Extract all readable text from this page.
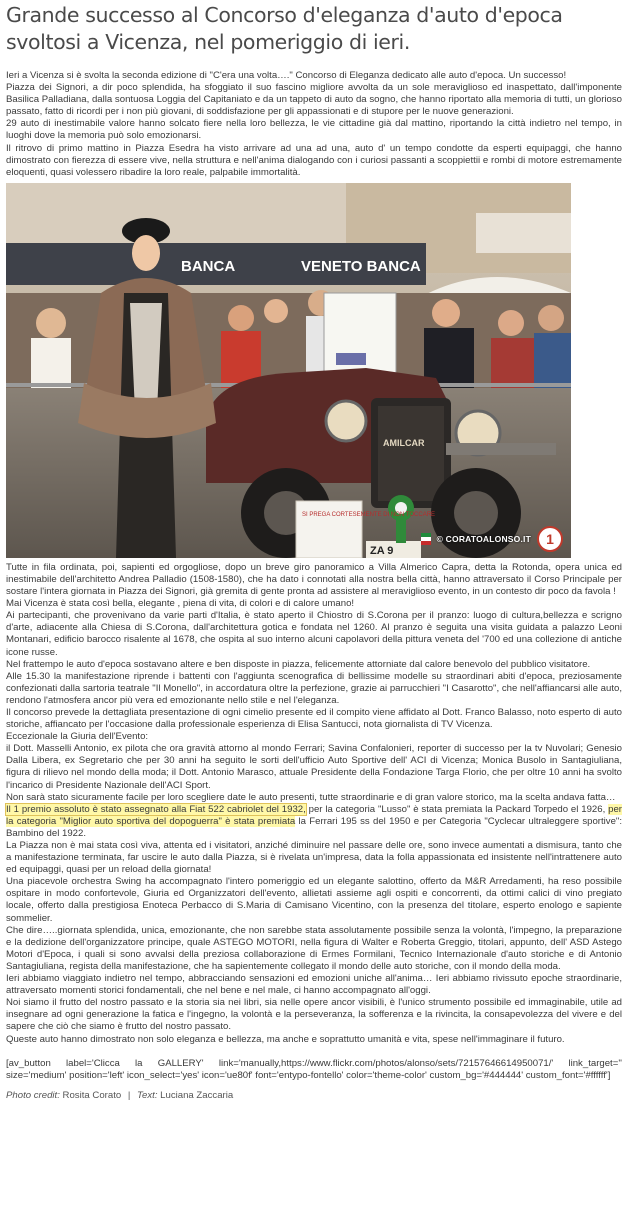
Grande successo al Concorso d'eleganza d'auto d'epoca svoltosi a Vicenza, nel pomeriggio di ieri.

Ieri a Vicenza si è svolta la seconda edizione di "C'era una volta…." Concorso di Eleganza dedicato alle auto d'epoca. Un successo!

Piazza dei Signori, a dir poco splendida, ha sfoggiato il suo fascino migliore avvolta da un sole meraviglioso ed inaspettato, dall'imponente Basilica Palladiana, dalla sontuosa Loggia del Capitaniato e da un tappeto di auto da sogno, che hanno riportato alla memoria di tutti, un glorioso passato, fatto di ricordi per i non più giovani, di soddisfazione per gli appassionati e di stupore per le nuove generazioni.

29 auto di inestimabile valore hanno solcato fiere nella loro bellezza, le vie cittadine già dal mattino, riportando la città indietro nel tempo, in luoghi dove la memoria può solo emozionarsi.

Il ritrovo di primo mattino in Piazza Esedra ha visto arrivare ad una ad una, auto d' un tempo condotte da esperti equipaggi, che hanno dimostrato con fierezza di essere vive, nella struttura e nell'anima dialogando con i curiosi passanti a scoppiettii e rombi di motore estremamente eloquenti, quasi volessero ribadire la loro reale, palpabile immortalità.

BANCA	VENETO BANCA
AMILCAR
ZA 9
SI PREGA CORTESEMENTE DI NON TOCCARE
© CORATOALONSO.IT	1

Tutte in fila ordinata, poi, sapienti ed orgogliose, dopo un breve giro panoramico a Villa Almerico Capra, detta la Rotonda, opera unica ed inestimabile dell'architetto Andrea Palladio (1508-1580), che ha dato i connotati alla nostra bella città, hanno attraversato il Corso Principale per sostare l'intera giornata in Piazza dei Signori, già gremita di gente pronta ad assistere al meraviglioso evento, in un contesto dir poco da favola !

Mai Vicenza è stata così bella, elegante , piena di vita, di colori e di calore umano!

Ai partecipanti, che provenivano da varie parti d'Italia, è stato aperto il Chiostro di S.Corona per il pranzo: luogo di cultura,bellezza e scrigno d'arte, adiacente alla Chiesa di S.Corona, dall'architettura gotica e fondata nel 1260. Al pranzo è seguita una visita guidata a palazzo Leoni Montanari, edificio barocco risalente al 1678, che ospita al suo interno alcuni capolavori della pittura veneta del '700 ed una collezione di antiche icone russe.

Nel frattempo le auto d'epoca sostavano altere e ben disposte in piazza, felicemente attorniate dal calore benevolo del pubblico visitatore.

Alle 15.30 la manifestazione riprende i battenti con l'aggiunta scenografica di bellissime modelle su straordinari abiti d'epoca, preziosamente confezionati dalla sartoria teatrale "Il Monello", in accordatura oltre la perfezione, grazie ai parrucchieri "I Casarotto", che nell'affiancarsi alle auto, rendono l'atmosfera ancor più vera ed emozionante nello stile e nel l'eleganza.

Il concorso prevede la dettagliata presentazione di ogni cimelio presente ed il compito viene affidato al Dott. Franco Balasso, noto esperto di auto storiche, affiancato per l'occasione dalla professionale esperienza di Elisa Santucci, nota giornalista di TV Vicenza.

Eccezionale la Giuria dell'Evento:

il Dott. Masselli Antonio, ex pilota che ora gravità attorno al mondo Ferrari; Savina Confalonieri, reporter di successo per la tv Nuvolari; Genesio Dalla Libera, ex Segretario che per 30 anni ha seguito le sorti dell'ufficio Auto Sportive dell' ACI di Vicenza; Monica Busolo in Santagiuliana, figura di rilievo nel mondo della moda; il Dott. Antonio Marasco, attuale Presidente della Fondazione Targa Florio, che per oltre 10 anni ha svolto l'incarico di Presidente Nazionale dell'ACI Sport.

Non sarà stato sicuramente facile per loro scegliere date le auto presenti, tutte straordinarie e di gran valore storico, ma la scelta andava fatta…

Il 1 premio assoluto è stato assegnato alla Fiat 522 cabriolet del 1932, per la categoria "Lusso" è stata premiata la Packard Torpedo el 1926, per la categoria "Miglior auto sportiva del dopoguerra" è stata premiata la Ferrari 195 ss del 1950 e per Categoria "Cyclecar ultraleggere sportive": Bambino del 1922.

La Piazza non è mai stata così viva, attenta ed i visitatori, anziché diminuire nel passare delle ore, sono invece aumentati a dismisura, tanto che a manifestazione terminata, far uscire le auto dalla Piazza, si è rivelata un'impresa, data la folla appassionata ed insistente nell'intrattenere auto ed equipaggi, quasi per un reload della giornata!

Una piacevole orchestra Swing ha accompagnato l'intero pomeriggio ed un elegante salottino, offerto da M&R Arredamenti, ha reso possibile ospitare in modo confortevole, Giuria ed Organizzatori dell'evento, allietati assieme agli ospiti e concorrenti, da ottimi calici di vino pregiato locale, offerto dalla prestigiosa Enoteca Perbacco di S.Maria di Camisano Vicentino, con la presenza del titolare, esperto enologo e sapiente sommelier.

Che dire…..giornata splendida, unica, emozionante, che non sarebbe stata assolutamente possibile senza la volontà, l'impegno, la preparazione e la dedizione dell'organizzatore principe, quale ASTEGO MOTORI, nella figura di Walter e Roberta Greggio, titolari, appunto, dell' ASD Astego Motori d'Epoca, i quali si sono avvalsi della preziosa collaborazione di Ermes Formilani, Tecnico Internazionale d'auto storiche e di Antonio Santagiuliana, regista della manifestazione, che ha sapientemente collegato il mondo delle auto storiche, con il mondo della moda.

Ieri abbiamo viaggiato indietro nel tempo, abbracciando sensazioni ed emozioni uniche all'anima… Ieri abbiamo rivissuto epoche straordinarie, attraversato momenti storici fondamentali, che nel bene e nel male, ci hanno accompagnato all'oggi.

Noi siamo il frutto del nostro passato e la storia sia nei libri, sia nelle opere ancor visibili, è l'unico strumento possibile ed immaginabile, utile ad insegnare ad ogni generazione la fatica e l'ingegno, la volontà e la perseveranza, la sofferenza e la rivincita, la consapevolezza del vivere e del sapere che ciò che siamo è frutto del nostro passato.

Queste auto hanno dimostrato non solo eleganza e bellezza, ma anche e soprattutto umanità e vita, spese nell'immaginare il futuro.

[av_button label='Clicca la GALLERY' link='manually,https://www.flickr.com/photos/alonso/sets/72157646614950071/' link_target='' size='medium' position='left' icon_select='yes' icon='ue80f' font='entypo-fontello' color='theme-color' custom_bg='#444444' custom_font='#ffffff']

Photo credit: Rosita Corato | Text: Luciana Zaccaria
